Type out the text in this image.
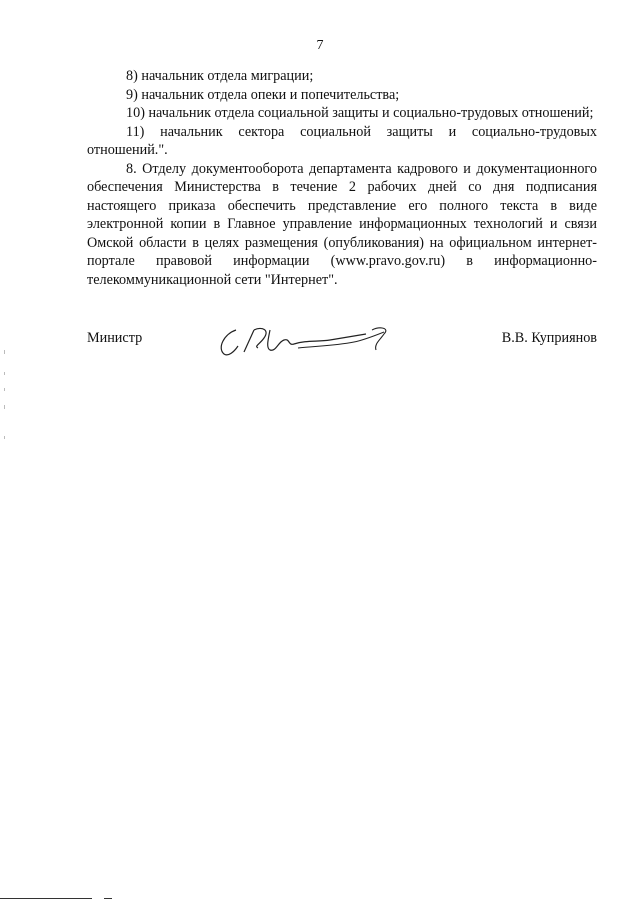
7

8) начальник отдела миграции;

9) начальник отдела опеки и попечительства;

10) начальник отдела социальной защиты и социально-трудовых отношений;

11) начальник сектора социальной защиты и социально-трудовых отношений.".

8. Отделу документооборота департамента кадрового и документационного обеспечения Министерства в течение 2 рабочих дней со дня подписания настоящего приказа обеспечить представление его полного текста в виде электронной копии в Главное управление информационных технологий и связи Омской области в целях размещения (опубликования) на официальном интернет-портале правовой информации (www.pravo.gov.ru) в информационно-телекоммуникационной сети "Интернет".

Министр	В.В. Куприянов
